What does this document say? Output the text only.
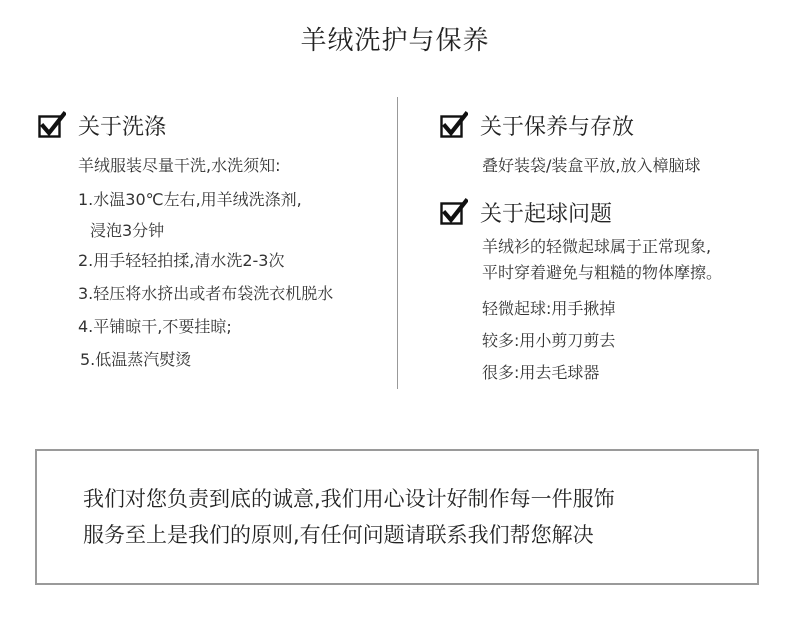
羊绒洗护与保养
关于洗涤
羊绒服装尽量干洗,水洗须知:
1.水温30℃左右,用羊绒洗涤剂,
浸泡3分钟
2.用手轻轻拍揉,清水洗2-3次
3.轻压将水挤出或者布袋洗衣机脱水
4.平铺晾干,不要挂晾;
5.低温蒸汽熨烫
关于保养与存放
叠好装袋/装盒平放,放入樟脑球
关于起球问题
羊绒衫的轻微起球属于正常现象,
平时穿着避免与粗糙的物体摩擦。
轻微起球:用手揪掉
较多:用小剪刀剪去
很多:用去毛球器
我们对您负责到底的诚意,我们用心设计好制作每一件服饰
服务至上是我们的原则,有任何问题请联系我们帮您解决
